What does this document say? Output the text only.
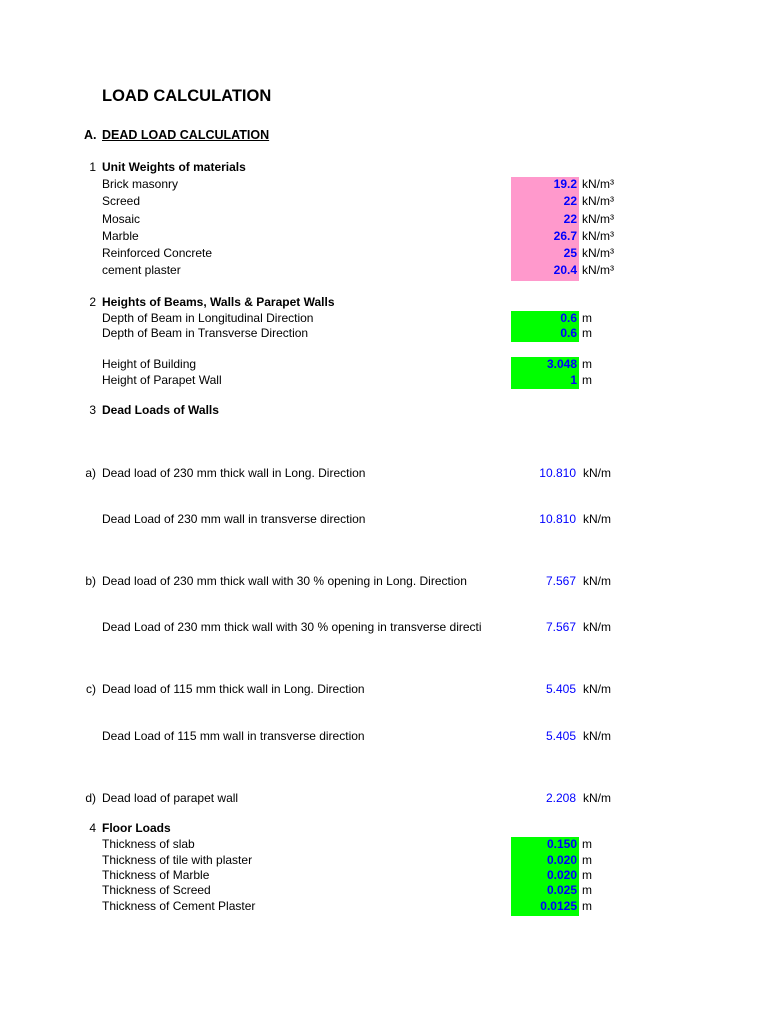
LOAD CALCULATION
A. DEAD LOAD CALCULATION
1 Unit Weights of materials
Brick masonry	19.2 kN/m³
Screed	22 kN/m³
Mosaic	22 kN/m³
Marble	26.7 kN/m³
Reinforced Concrete	25 kN/m³
cement plaster	20.4 kN/m³
2 Heights of Beams, Walls & Parapet Walls
Depth of Beam in Longitudinal Direction	0.6 m
Depth of Beam in Transverse Direction	0.6 m
Height of Building	3.048 m
Height of Parapet Wall	1 m
3 Dead Loads of Walls
a) Dead load of 230 mm thick wall in Long. Direction	10.810 kN/m
Dead Load of 230 mm wall in transverse direction	10.810 kN/m
b) Dead load of 230 mm thick wall with 30 % opening in Long. Direction	7.567 kN/m
Dead Load of 230 mm thick wall with 30 % opening in transverse directi	7.567 kN/m
c) Dead load of 115 mm thick wall in Long. Direction	5.405 kN/m
Dead Load of 115 mm wall in transverse direction	5.405 kN/m
d) Dead load of parapet wall	2.208 kN/m
4 Floor Loads
Thickness of slab	0.150 m
Thickness of tile with plaster	0.020 m
Thickness of Marble	0.020 m
Thickness of Screed	0.025 m
Thickness of Cement Plaster	0.0125 m
